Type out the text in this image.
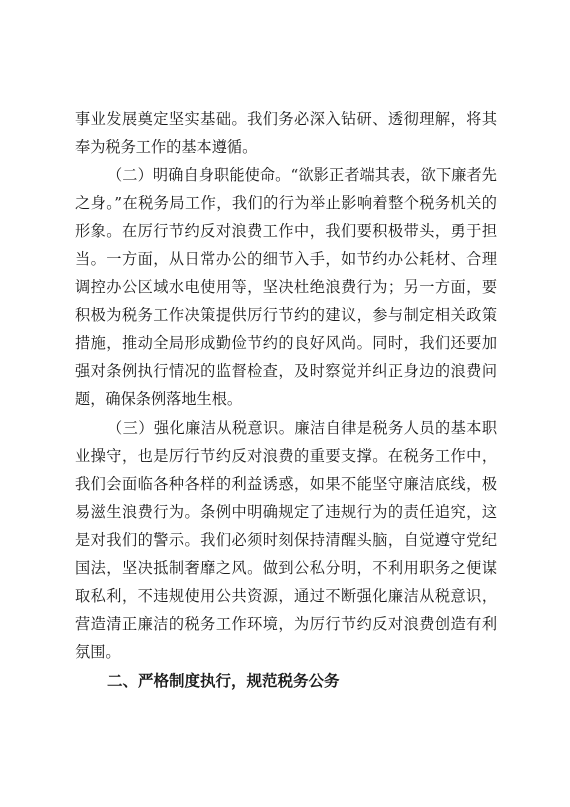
事业发展奠定坚实基础。我们务必深入钻研、透彻理解，将其
奉为税务工作的基本遵循。
（二）明确自身职能使命。“欲影正者端其表，欲下廉者先
之身。”在税务局工作，我们的行为举止影响着整个税务机关的
形象。在厉行节约反对浪费工作中，我们要积极带头，勇于担
当。一方面，从日常办公的细节入手，如节约办公耗材、合理
调控办公区域水电使用等，坚决杜绝浪费行为；另一方面，要
积极为税务工作决策提供厉行节约的建议，参与制定相关政策
措施，推动全局形成勤俭节约的良好风尚。同时，我们还要加
强对条例执行情况的监督检查，及时察觉并纠正身边的浪费问
题，确保条例落地生根。
（三）强化廉洁从税意识。廉洁自律是税务人员的基本职
业操守，也是厉行节约反对浪费的重要支撑。在税务工作中，
我们会面临各种各样的利益诱惑，如果不能坚守廉洁底线，极
易滋生浪费行为。条例中明确规定了违规行为的责任追究，这
是对我们的警示。我们必须时刻保持清醒头脑，自觉遵守党纪
国法，坚决抵制奢靡之风。做到公私分明，不利用职务之便谋
取私利，不违规使用公共资源，通过不断强化廉洁从税意识，
营造清正廉洁的税务工作环境，为厉行节约反对浪费创造有利
氛围。
二、严格制度执行，规范税务公务
